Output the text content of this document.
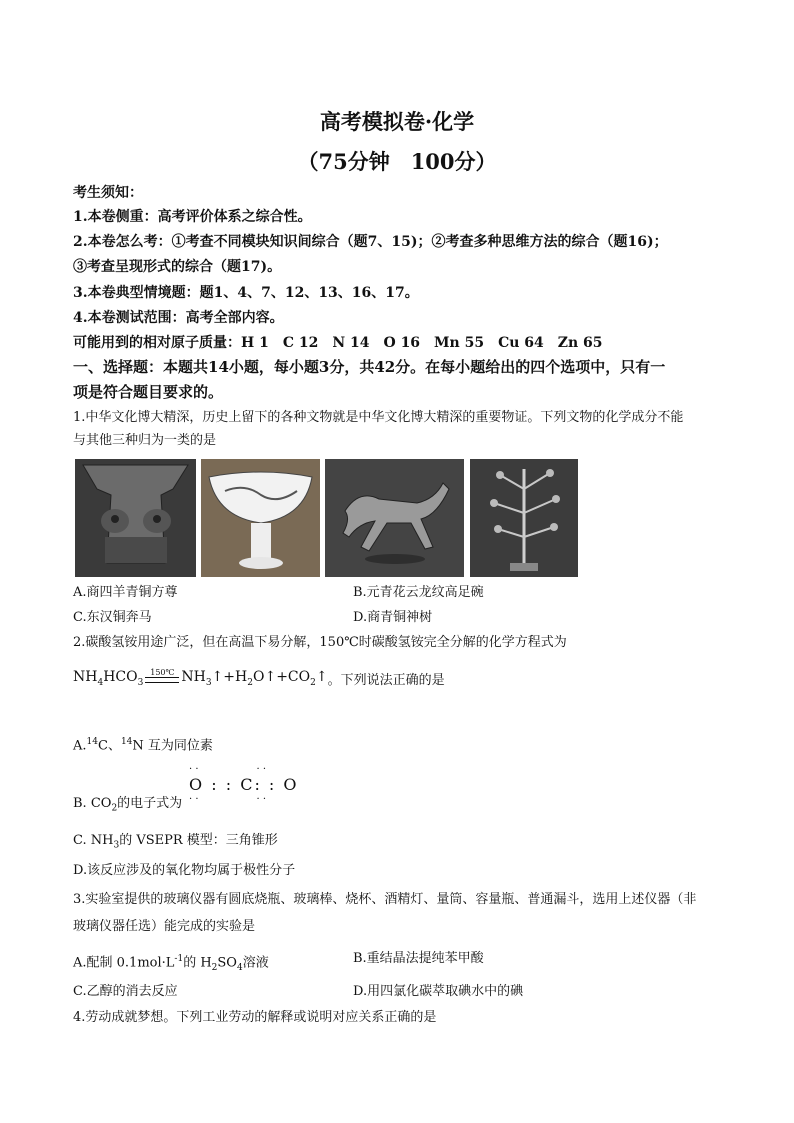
高考模拟卷·化学
（75分钟　100分）
考生须知：
1.本卷侧重：高考评价体系之综合性。
2.本卷怎么考：①考查不同模块知识间综合（题7、15)；②考查多种思维方法的综合（题16)；
③考查呈现形式的综合（题17)。
3.本卷典型情境题：题1、4、7、12、13、16、17。
4.本卷测试范围：高考全部内容。
可能用到的相对原子质量：H 1　C 12　N 14　O 16　Mn 55　Cu 64　Zn 65
一、选择题：本题共14小题，每小题3分，共42分。在每小题给出的四个选项中，只有一
项是符合题目要求的。
1.中华文化博大精深，历史上留下的各种文物就是中华文化博大精深的重要物证。下列文物的化学成分不能
与其他三种归为一类的是
A.商四羊青铜方尊	B.元青花云龙纹高足碗
C.东汉铜奔马	D.商青铜神树
2.碳酸氢铵用途广泛，但在高温下易分解，150℃时碳酸氢铵完全分解的化学方程式为
$NH_4HCO_3$
150℃ $NH_3↑+H_2O↑+CO_2↑$ 。下列说法正确的是
A.$^{14}$C、$^{14}$N 互为同位素
B. $CO_2$的电子式为
· ·	· ·
O : : C: : O
· ·	· ·
C. $NH_3$的 VSEPR 模型：三角锥形
D.该反应涉及的氧化物均属于极性分子
3.实验室提供的玻璃仪器有圆底烧瓶、玻璃棒、烧杯、酒精灯、量筒、容量瓶、普通漏斗，选用上述仪器（非
玻璃仪器任选）能完成的实验是
A.配制 $0.1mol\cdot L^{-1}$的 $H_2SO_4$溶液	B.重结晶法提纯苯甲酸
C.乙醇的消去反应	D.用四氯化碳萃取碘水中的碘
4.劳动成就梦想。下列工业劳动的解释或说明对应关系正确的是
